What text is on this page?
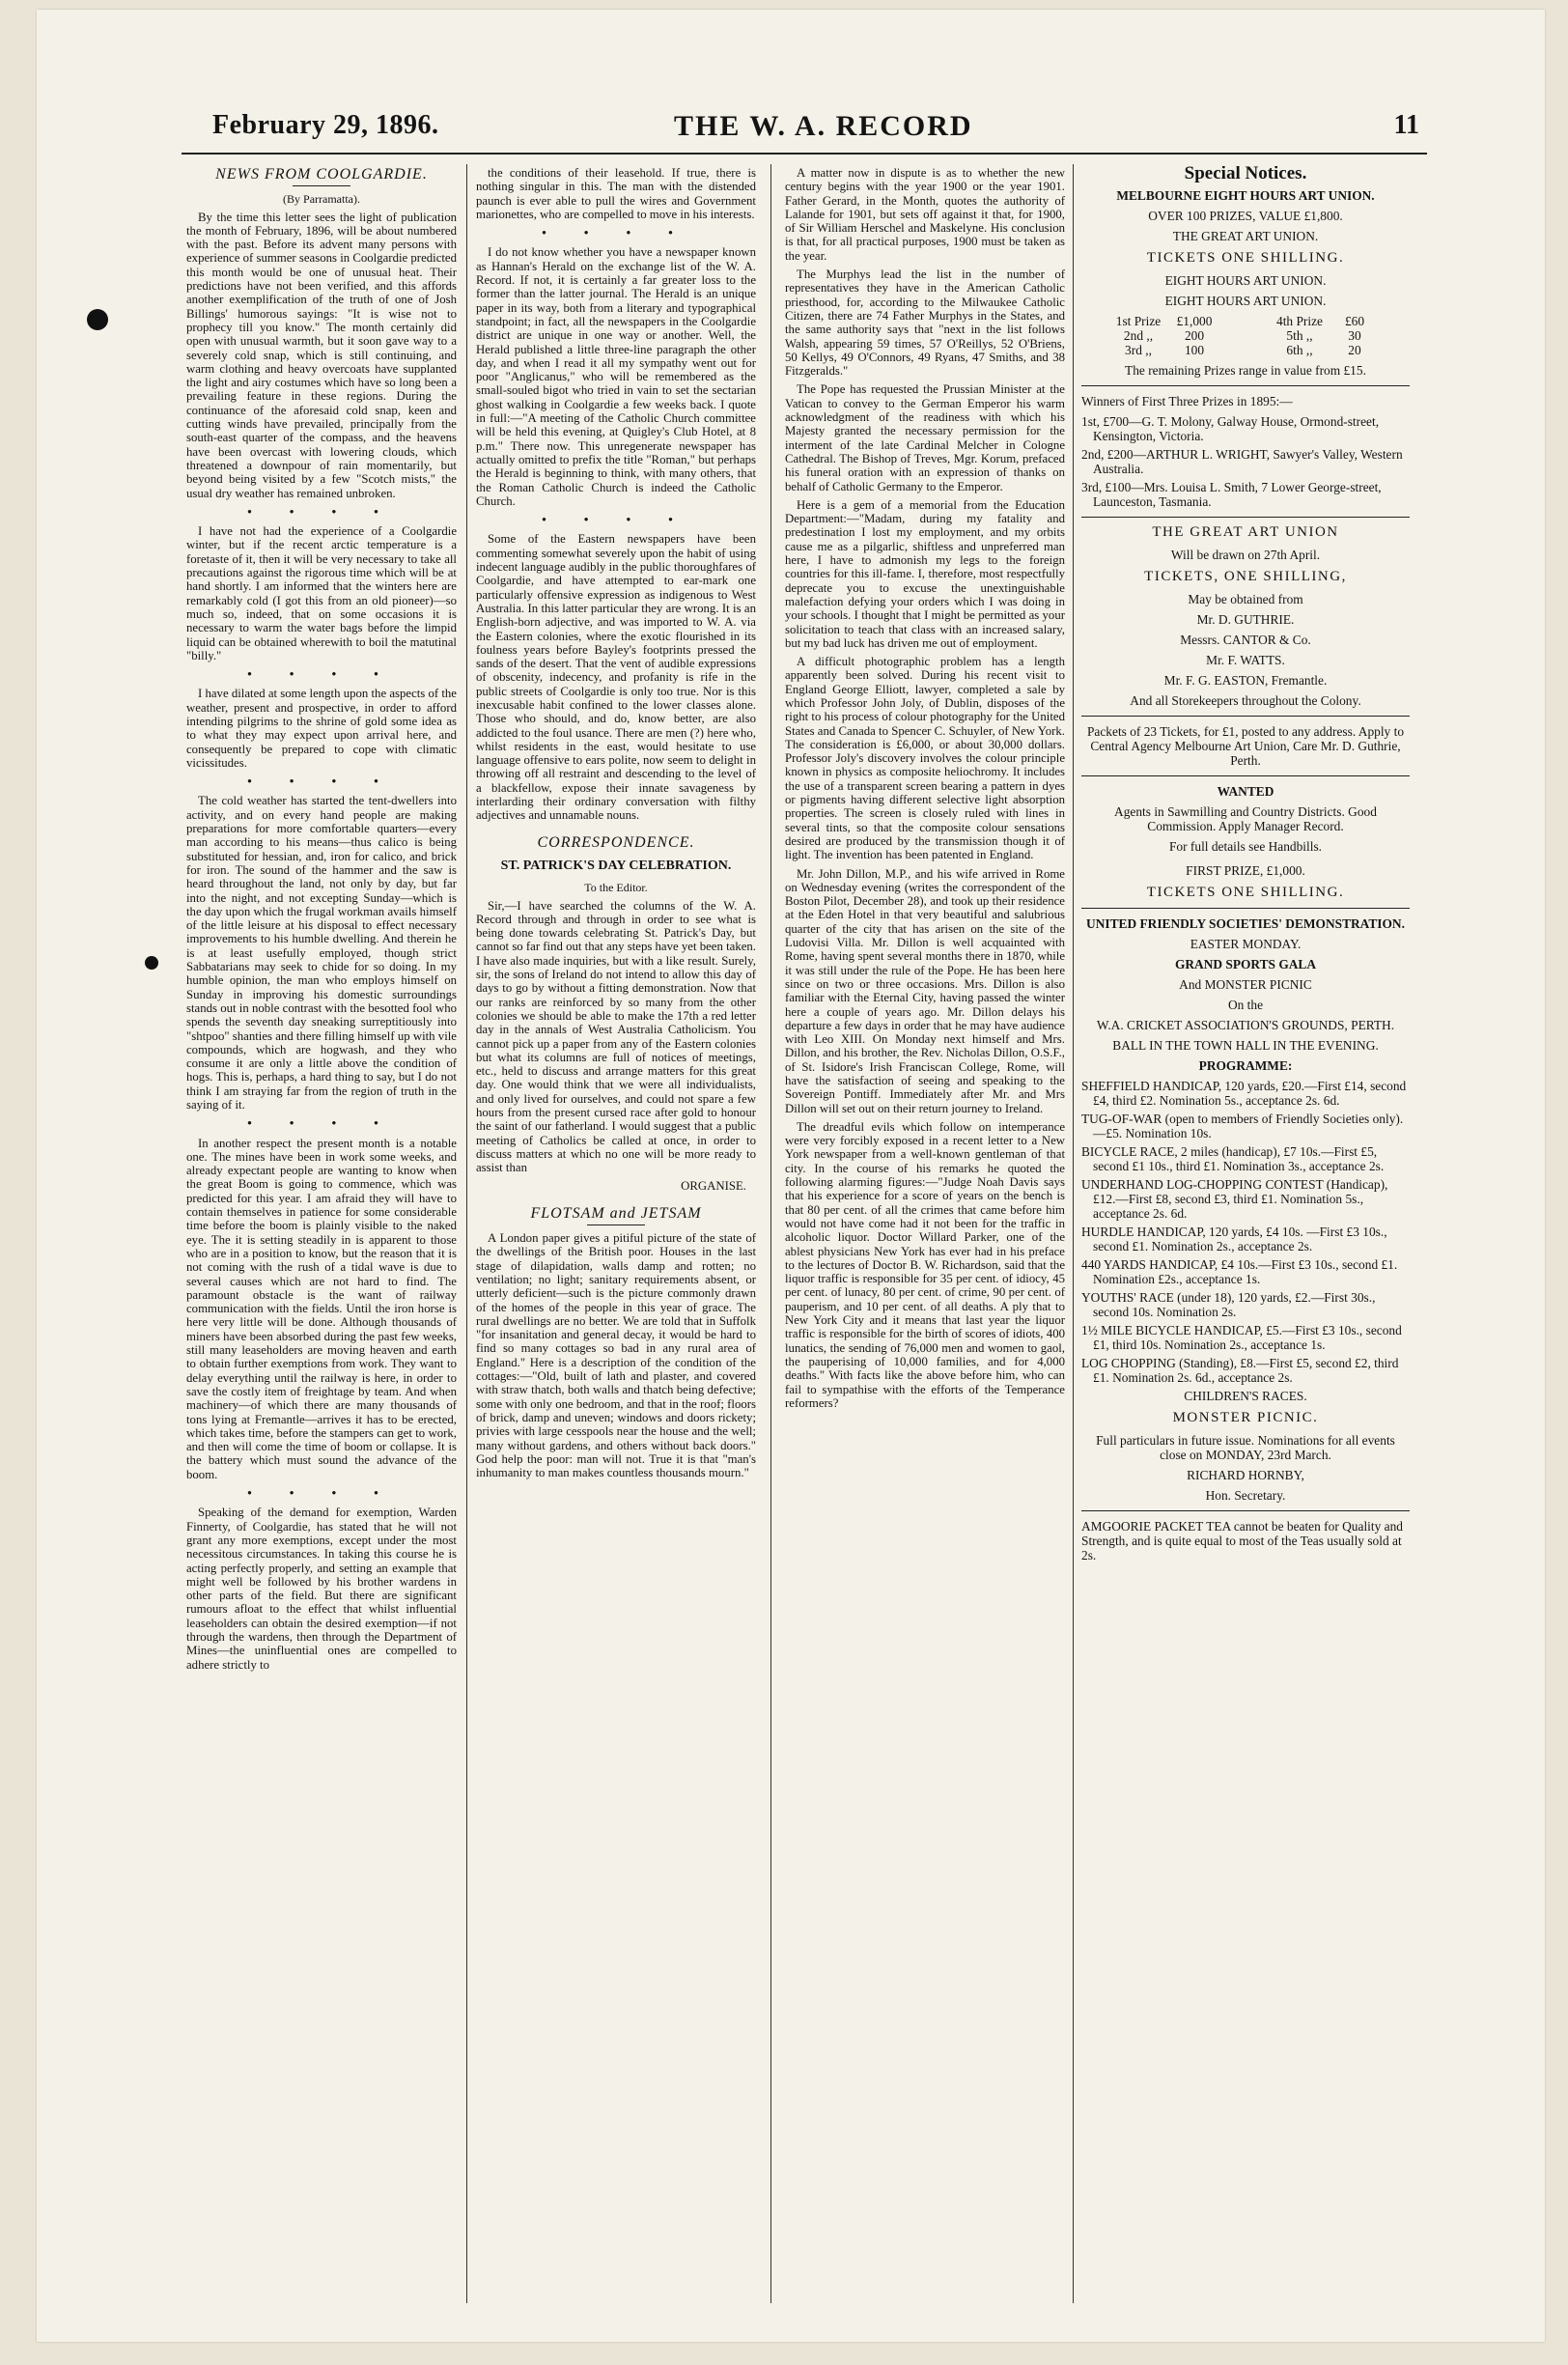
February 29, 1896.	THE W. A. RECORD	11
NEWS FROM COOLGARDIE.
(By Parramatta).

By the time this letter sees the light of publication the month of February, 1896, will be about numbered with the past. Before its advent many persons with experience of summer seasons in Coolgardie predicted this month would be one of unusual heat. Their predictions have not been verified, and this affords another exemplification of the truth of one of Josh Billings' humorous sayings: "It is wise not to prophecy till you know." The month certainly did open with unusual warmth, but it soon gave way to a severely cold snap, which is still continuing, and warm clothing and heavy overcoats have supplanted the light and airy costumes which have so long been a prevailing feature in these regions. During the continuance of the aforesaid cold snap, keen and cutting winds have prevailed, principally from the south-east quarter of the compass, and the heavens have been overcast with lowering clouds, which threatened a downpour of rain momentarily, but beyond being visited by a few "Scotch mists," the usual dry weather has remained unbroken.

• • • •

I have not had the experience of a Coolgardie winter, but if the recent arctic temperature is a foretaste of it, then it will be very necessary to take all precautions against the rigorous time which will be at hand shortly. I am informed that the winters here are remarkably cold (I got this from an old pioneer)—so much so, indeed, that on some occasions it is necessary to warm the water bags before the limpid liquid can be obtained wherewith to boil the matutinal "billy."

• • • •

I have dilated at some length upon the aspects of the weather, present and prospective, in order to afford intending pilgrims to the shrine of gold some idea as to what they may expect upon arrival here, and consequently be prepared to cope with climatic vicissitudes.

• • • •

The cold weather has started the tent-dwellers into activity, and on every hand people are making preparations for more comfortable quarters—every man according to his means—thus calico is being substituted for hessian, and, iron for calico, and brick for iron. The sound of the hammer and the saw is heard throughout the land, not only by day, but far into the night, and not excepting Sunday—which is the day upon which the frugal workman avails himself of the little leisure at his disposal to effect necessary improvements to his humble dwelling. And therein he is at least usefully employed, though strict Sabbatarians may seek to chide for so doing. In my humble opinion, the man who employs himself on Sunday in improving his domestic surroundings stands out in noble contrast with the besotted fool who spends the seventh day sneaking surreptitiously into "shtpoo" shanties and there filling himself up with vile compounds, which are hogwash, and they who consume it are only a little above the condition of hogs. This is, perhaps, a hard thing to say, but I do not think I am straying far from the region of truth in the saying of it.

• • • •

In another respect the present month is a notable one. The mines have been in work some weeks, and already expectant people are wanting to know when the great Boom is going to commence, which was predicted for this year. I am afraid they will have to contain themselves in patience for some considerable time before the boom is plainly visible to the naked eye. The it is setting steadily in is apparent to those who are in a position to know, but the reason that it is not coming with the rush of a tidal wave is due to several causes which are not hard to find. The paramount obstacle is the want of railway communication with the fields. Until the iron horse is here very little will be done. Although thousands of miners have been absorbed during the past few weeks, still many leaseholders are moving heaven and earth to obtain further exemptions from work. They want to delay everything until the railway is here, in order to save the costly item of freightage by team. And when machinery—of which there are many thousands of tons lying at Fremantle—arrives it has to be erected, which takes time, before the stampers can get to work, and then will come the time of boom or collapse. It is the battery which must sound the advance of the boom.

• • • •

Speaking of the demand for exemption, Warden Finnerty, of Coolgardie, has stated that he will not grant any more exemptions, except under the most necessitous circumstances. In taking this course he is acting perfectly properly, and setting an example that might well be followed by his brother wardens in other parts of the field. But there are significant rumours afloat to the effect that whilst influential leaseholders can obtain the desired exemption—if not through the wardens, then through the Department of Mines—the uninfluential ones are compelled to adhere strictly to

the conditions of their leasehold. If true, there is nothing singular in this. The man with the distended paunch is ever able to pull the wires and Government marionettes, who are compelled to move in his interests.

• • • •

I do not know whether you have a newspaper known as Hannan's Herald on the exchange list of the W. A. Record. If not, it is certainly a far greater loss to the former than the latter journal. The Herald is an unique paper in its way, both from a literary and typographical standpoint; in fact, all the newspapers in the Coolgardie district are unique in one way or another. Well, the Herald published a little three-line paragraph the other day, and when I read it all my sympathy went out for poor "Anglicanus," who will be remembered as the small-souled bigot who tried in vain to set the sectarian ghost walking in Coolgardie a few weeks back. I quote in full:—"A meeting of the Catholic Church committee will be held this evening, at Quigley's Club Hotel, at 8 p.m." There now. This unregenerate newspaper has actually omitted to prefix the title "Roman," but perhaps the Herald is beginning to think, with many others, that the Roman Catholic Church is indeed the Catholic Church.

• • • •

Some of the Eastern newspapers have been commenting somewhat severely upon the habit of using indecent language audibly in the public thoroughfares of Coolgardie, and have attempted to ear-mark one particularly offensive expression as indigenous to West Australia. In this latter particular they are wrong. It is an English-born adjective, and was imported to W. A. via the Eastern colonies, where the exotic flourished in its foulness years before Bayley's footprints pressed the sands of the desert. That the vent of audible expressions of obscenity, indecency, and profanity is rife in the public streets of Coolgardie is only too true. Nor is this inexcusable habit confined to the lower classes alone. Those who should, and do, know better, are also addicted to the foul usance. There are men (?) here who, whilst residents in the east, would hesitate to use language offensive to ears polite, now seem to delight in throwing off all restraint and descending to the level of a blackfellow, expose their innate savageness by interlarding their ordinary conversation with filthy adjectives and unnamable nouns.

CORRESPONDENCE.
ST. PATRICK'S DAY CELEBRATION.
To the Editor.

Sir,—I have searched the columns of the W. A. Record through and through in order to see what is being done towards celebrating St. Patrick's Day, but cannot so far find out that any steps have yet been taken. I have also made inquiries, but with a like result. Surely, sir, the sons of Ireland do not intend to allow this day of days to go by without a fitting demonstration. Now that our ranks are reinforced by so many from the other colonies we should be able to make the 17th a red letter day in the annals of West Australia Catholicism. You cannot pick up a paper from any of the Eastern colonies but what its columns are full of notices of meetings, etc., held to discuss and arrange matters for this great day. One would think that we were all individualists, and only lived for ourselves, and could not spare a few hours from the present cursed race after gold to honour the saint of our fatherland. I would suggest that a public meeting of Catholics be called at once, in order to discuss matters at which no one will be more ready to assist than

ORGANISE.
FLOTSAM and JETSAM

A London paper gives a pitiful picture of the state of the dwellings of the British poor. Houses in the last stage of dilapidation, walls damp and rotten; no ventilation; no light; sanitary requirements absent, or utterly deficient—such is the picture commonly drawn of the homes of the people in this year of grace. The rural dwellings are no better. We are told that in Suffolk "for insanitation and general decay, it would be hard to find so many cottages so bad in any rural area of England." Here is a description of the condition of the cottages:—"Old, built of lath and plaster, and covered with straw thatch, both walls and thatch being defective; some with only one bedroom, and that in the roof; floors of brick, damp and uneven; windows and doors rickety; privies with large cesspools near the house and the well; many without gardens, and others without back doors." God help the poor: man will not. True it is that "man's inhumanity to man makes countless thousands mourn."

A matter now in dispute is as to whether the new century begins with the year 1900 or the year 1901. Father Gerard, in the Month, quotes the authority of Lalande for 1901, but sets off against it that, for 1900, of Sir William Herschel and Maskelyne. His conclusion is that, for all practical purposes, 1900 must be taken as the year.

The Murphys lead the list in the number of representatives they have in the American Catholic priesthood, for, according to the Milwaukee Catholic Citizen, there are 74 Father Murphys in the States, and the same authority says that "next in the list follows Walsh, appearing 59 times, 57 O'Reillys, 52 O'Briens, 50 Kellys, 49 O'Connors, 49 Ryans, 47 Smiths, and 38 Fitzgeralds."

The Pope has requested the Prussian Minister at the Vatican to convey to the German Emperor his warm acknowledgment of the readiness with which his Majesty granted the necessary permission for the interment of the late Cardinal Melcher in Cologne Cathedral. The Bishop of Treves, Mgr. Korum, prefaced his funeral oration with an expression of thanks on behalf of Catholic Germany to the Emperor.

Here is a gem of a memorial from the Education Department:—"Madam, during my fatality and predestination I lost my employment, and my orbits cause me as a pilgarlic, shiftless and unpreferred man here, I have to admonish my legs to the foreign countries for this ill-fame. I, therefore, most respectfully deprecate you to excuse the unextinguishable malefaction defying your orders which I was doing in your schools. I thought that I might be permitted as your solicitation to teach that class with an increased salary, but my bad luck has driven me out of employment.

A difficult photographic problem has a length apparently been solved. During his recent visit to England George Elliott, lawyer, completed a sale by which Professor John Joly, of Dublin, disposes of the right to his process of colour photography for the United States and Canada to Spencer C. Schuyler, of New York. The consideration is £6,000, or about 30,000 dollars. Professor Joly's discovery involves the colour principle known in physics as composite heliochromy. It includes the use of a transparent screen bearing a pattern in dyes or pigments having different selective light absorption properties. The screen is closely ruled with lines in several tints, so that the composite colour sensations desired are produced by the transmission though it of light. The invention has been patented in England.

Mr. John Dillon, M.P., and his wife arrived in Rome on Wednesday evening (writes the correspondent of the Boston Pilot, December 28), and took up their residence at the Eden Hotel in that very beautiful and salubrious quarter of the city that has arisen on the site of the Ludovisi Villa. Mr. Dillon is well acquainted with Rome, having spent several months there in 1870, while it was still under the rule of the Pope. He has been here since on two or three occasions. Mrs. Dillon is also familiar with the Eternal City, having passed the winter here a couple of years ago. Mr. Dillon delays his departure a few days in order that he may have audience with Leo XIII. On Monday next himself and Mrs. Dillon, and his brother, the Rev. Nicholas Dillon, O.S.F., of St. Isidore's Irish Franciscan College, Rome, will have the satisfaction of seeing and speaking to the Sovereign Pontiff. Immediately after Mr. and Mrs Dillon will set out on their return journey to Ireland.

The dreadful evils which follow on intemperance were very forcibly exposed in a recent letter to a New York newspaper from a well-known gentleman of that city. In the course of his remarks he quoted the following alarming figures:—"Judge Noah Davis says that his experience for a score of years on the bench is that 80 per cent. of all the crimes that came before him would not have come had it not been for the traffic in alcoholic liquor. Doctor Willard Parker, one of the ablest physicians New York has ever had in his preface to the lectures of Doctor B. W. Richardson, said that the liquor traffic is responsible for 35 per cent. of idiocy, 45 per cent. of lunacy, 80 per cent. of crime, 90 per cent. of pauperism, and 10 per cent. of all deaths. A ply that to New York City and it means that last year the liquor traffic is responsible for the birth of scores of idiots, 400 lunatics, the sending of 76,000 men and women to gaol, the pauperising of 10,000 families, and for 4,000 deaths." With facts like the above before him, who can fail to sympathise with the efforts of the Temperance reformers?

Special Notices.
MELBOURNE EIGHT HOURS ART UNION.
OVER 100 PRIZES, VALUE £1,800.
THE GREAT ART UNION.
TICKETS ONE SHILLING.
EIGHT HOURS ART UNION.
EIGHT HOURS ART UNION.
1st Prize	£1,000	4th Prize	£60
2nd ,,	200	5th ,,	30
3rd ,,	100	6th ,,	20
The remaining Prizes range in value from £15.
Winners of First Three Prizes in 1895:—
1st, £700—G. T. Molony, Galway House, Ormond-street, Kensington, Victoria.
2nd, £200—ARTHUR L. WRIGHT, Sawyer's Valley, Western Australia.
3rd, £100—Mrs. Louisa L. Smith, 7 Lower George-street, Launceston, Tasmania.
THE GREAT ART UNION
Will be drawn on 27th April.
TICKETS, ONE SHILLING,
May be obtained from
Mr. D. GUTHRIE.
Messrs. CANTOR & Co.
Mr. F. WATTS.
Mr. F. G. EASTON, Fremantle.
And all Storekeepers throughout the Colony.
Packets of 23 Tickets, for £1, posted to any address. Apply to Central Agency Melbourne Art Union, Care Mr. D. Guthrie, Perth.
WANTED
Agents in Sawmilling and Country Districts. Good Commission. Apply Manager Record.
For full details see Handbills.
FIRST PRIZE, £1,000.
TICKETS ONE SHILLING.
UNITED FRIENDLY SOCIETIES' DEMONSTRATION.
EASTER MONDAY.
GRAND SPORTS GALA
And MONSTER PICNIC
On the
W.A. CRICKET ASSOCIATION'S GROUNDS, PERTH.
BALL IN THE TOWN HALL IN THE EVENING.
PROGRAMME:
SHEFFIELD HANDICAP, 120 yards, £20.—First £14, second £4, third £2. Nomination 5s., acceptance 2s. 6d.
TUG-OF-WAR (open to members of Friendly Societies only).—£5. Nomination 10s.
BICYCLE RACE, 2 miles (handicap), £7 10s.—First £5, second £1 10s., third £1. Nomination 3s., acceptance 2s.
UNDERHAND LOG-CHOPPING CONTEST (Handicap), £12.—First £8, second £3, third £1. Nomination 5s., acceptance 2s. 6d.
HURDLE HANDICAP, 120 yards, £4 10s. —First £3 10s., second £1. Nomination 2s., acceptance 2s.
440 YARDS HANDICAP, £4 10s.—First £3 10s., second £1. Nomination £2s., acceptance 1s.
YOUTHS' RACE (under 18), 120 yards, £2.—First 30s., second 10s. Nomination 2s.
1½ MILE BICYCLE HANDICAP, £5.—First £3 10s., second £1, third 10s. Nomination 2s., acceptance 1s.
LOG CHOPPING (Standing), £8.—First £5, second £2, third £1. Nomination 2s. 6d., acceptance 2s.
CHILDREN'S RACES.
MONSTER PICNIC.
Full particulars in future issue. Nominations for all events close on MONDAY, 23rd March.
RICHARD HORNBY,
Hon. Secretary.
AMGOORIE PACKET TEA cannot be beaten for Quality and Strength, and is quite equal to most of the Teas usually sold at 2s.
